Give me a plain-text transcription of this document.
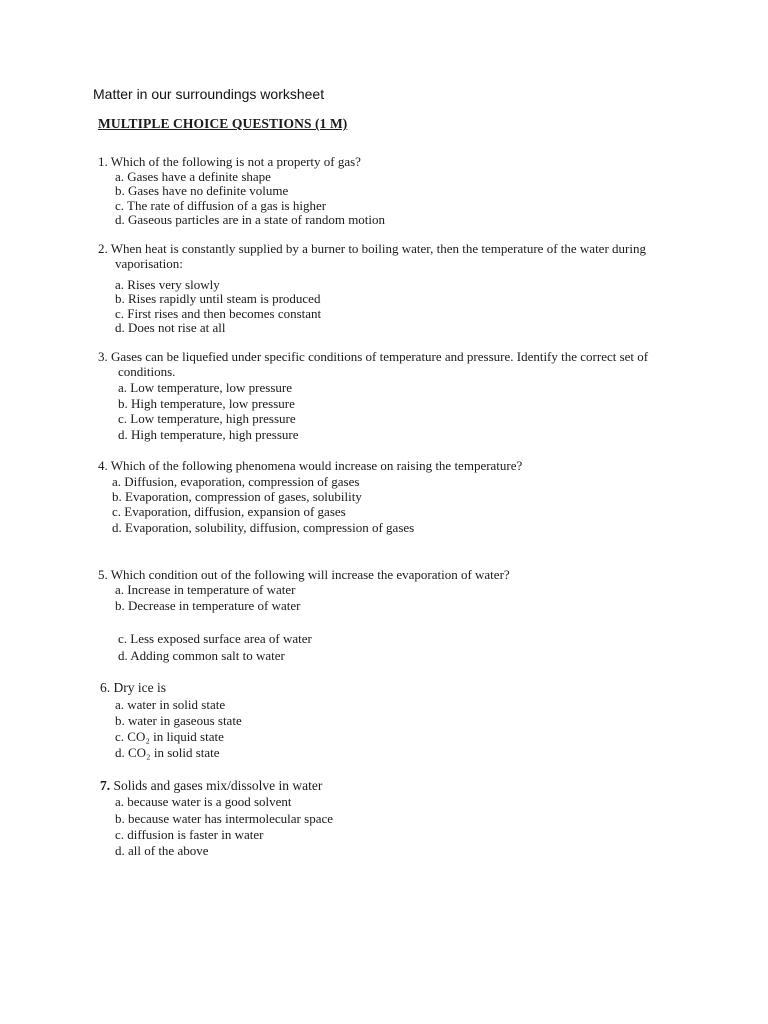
Matter in our surroundings worksheet
MULTIPLE CHOICE QUESTIONS (1 M)
1. Which of the following is not a property of gas?
a. Gases have a definite shape
b. Gases have no definite volume
c. The rate of diffusion of a gas is higher
d. Gaseous particles are in a state of random motion
2. When heat is constantly supplied by a burner to boiling water, then the temperature of the water during
vaporisation:
a. Rises very slowly
b. Rises rapidly until steam is produced
c. First rises and then becomes constant
d. Does not rise at all
3. Gases can be liquefied under specific conditions of temperature and pressure. Identify the correct set of
conditions.
a. Low temperature, low pressure
b. High temperature, low pressure
c. Low temperature, high pressure
d. High temperature, high pressure
4. Which of the following phenomena would increase on raising the temperature?
a. Diffusion, evaporation, compression of gases
b. Evaporation, compression of gases, solubility
c. Evaporation, diffusion, expansion of gases
d. Evaporation, solubility, diffusion, compression of gases
5. Which condition out of the following will increase the evaporation of water?
a. Increase in temperature of water
b. Decrease in temperature of water
c. Less exposed surface area of water
d. Adding common salt to water
6. Dry ice is
a. water in solid state
b. water in gaseous state
c. CO₂ in liquid state
d. CO₂ in solid state
7. Solids and gases mix/dissolve in water
a. because water is a good solvent
b. because water has intermolecular space
c. diffusion is faster in water
d. all of the above
